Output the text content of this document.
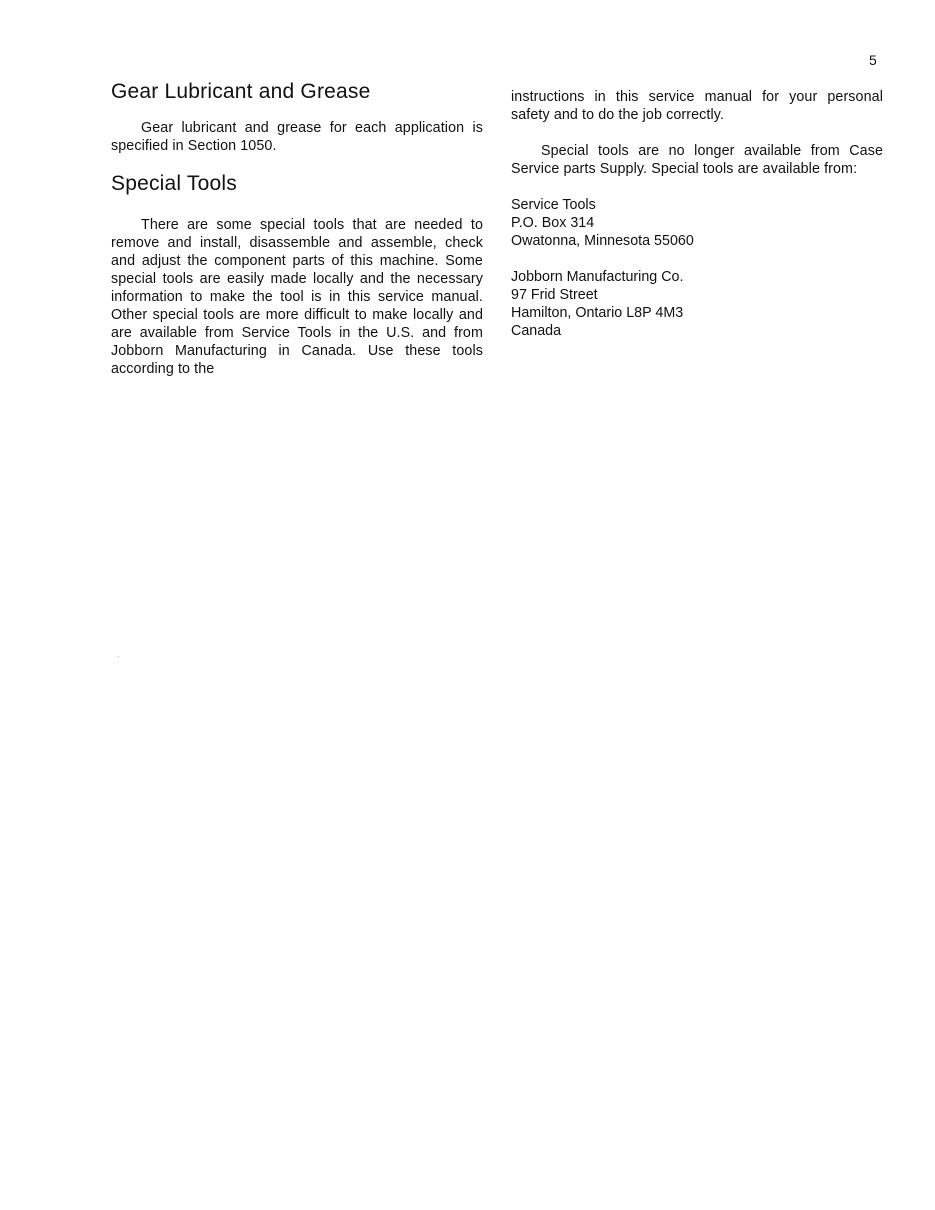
5
Gear Lubricant and Grease

Gear lubricant and grease for each application is specified in Section 1050.

Special Tools

There are some special tools that are needed to remove and install, disassemble and assemble, check and adjust the component parts of this machine. Some special tools are easily made locally and the necessary information to make the tool is in this service manual. Other special tools are more difficult to make locally and are available from Service Tools in the U.S. and from Jobborn Manufacturing in Canada. Use these tools according to the

instructions in this service manual for your personal safety and to do the job correctly.

Special tools are no longer available from Case Service parts Supply. Special tools are available from:

Service Tools
P.O. Box 314
Owatonna, Minnesota 55060
Jobborn Manufacturing Co.
97 Frid Street
Hamilton, Ontario L8P 4M3
Canada
